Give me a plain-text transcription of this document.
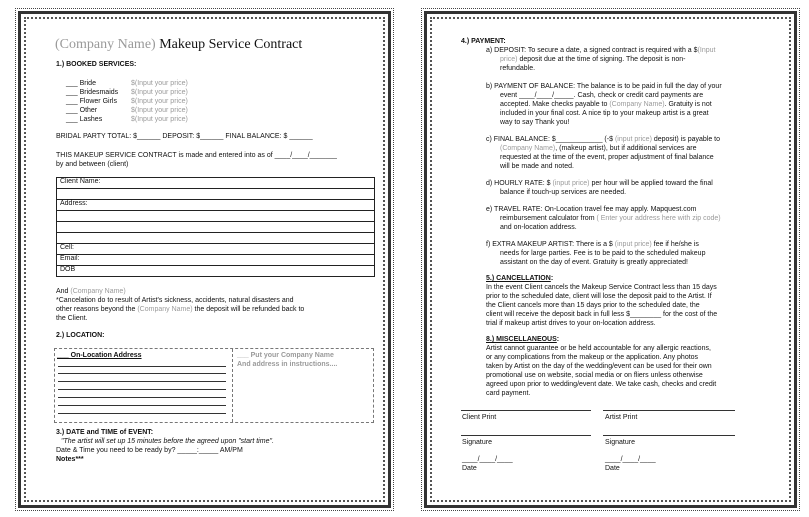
(Company Name) Makeup Service Contract
1.) BOOKED SERVICES:
___ Bride	$(Input your price)
___ Bridesmaids $(Input your price)
___ Flower Girls $(Input your price)
___ Other	$(Input your price)
___ Lashes	$(Input your price)
BRIDAL PARTY TOTAL: $______ DEPOSIT: $______ FINAL BALANCE: $ ______
THIS MAKEUP SERVICE CONTRACT is made and entered into as of ____/____/_______
by and between (client)
Client Name:

Address:

Cell:
Email:
DOB
And (Company Name)
*Cancelation do to result of Artist's sickness, accidents, natural disasters and
other reasons beyond the (Company Name) the deposit will be refunded back to
the Client.
2.) LOCATION:
___ On-Location Address	___ Put your Company Name
And address in instructions....
3.) DATE and TIME of EVENT:
"The artist will set up 15 minutes before the agreed upon "start time".
Date & Time you need to be ready by? _____:_____ AM/PM
Notes***
4.) PAYMENT:
a) DEPOSIT: To secure a date, a signed contract is required with a $(Input
price) deposit due at the time of signing. The deposit is non-
refundable.
b) PAYMENT OF BALANCE: The balance is to be paid in full the day of your
event ____/____/_____. Cash, check or credit card payments are
accepted. Make checks payable to (Company Name). Gratuity is not
included in your final cost. A nice tip to your makeup artist is a great
way to say Thank you!
c) FINAL BALANCE: $____________ (-$ (input price) deposit) is payable to
(Company Name), (makeup artist), but if additional services are
requested at the time of the event, proper adjustment of final balance
will be made and noted.
d) HOURLY RATE: $ (input price) per hour will be applied toward the final
balance if touch-up services are needed.
e) TRAVEL RATE: On-Location travel fee may apply. Mapquest.com
reimbursement calculator from ( Enter your address here with zip code)
and on-location address.
f) EXTRA MAKEUP ARTIST: There is a $ (input price) fee if he/she is
needs for large parties. Fee is to be paid to the scheduled makeup
assistant on the day of event. Gratuity is greatly appreciated!
5.) CANCELLATION:
In the event Client cancels the Makeup Service Contract less than 15 days
prior to the scheduled date, client will lose the deposit paid to the Artist. If
the Client cancels more than 15 days prior to the scheduled date, the
client will receive the deposit back in full less $________ for the cost of the
trial if makeup artist drives to your on-location address.
8.) MISCELLANEOUS:
Artist cannot guarantee or be held accountable for any allergic reactions,
or any complications from the makeup or the application. Any photos
taken by Artist on the day of the wedding/event can be used for their own
promotional use on website, social media or on fliers unless otherwise
agreed upon prior to wedding/event date. We take cash, checks and credit
card payment.
Client Print	Artist Print
Signature	Signature
____/____/____	____/____/____
Date	Date
